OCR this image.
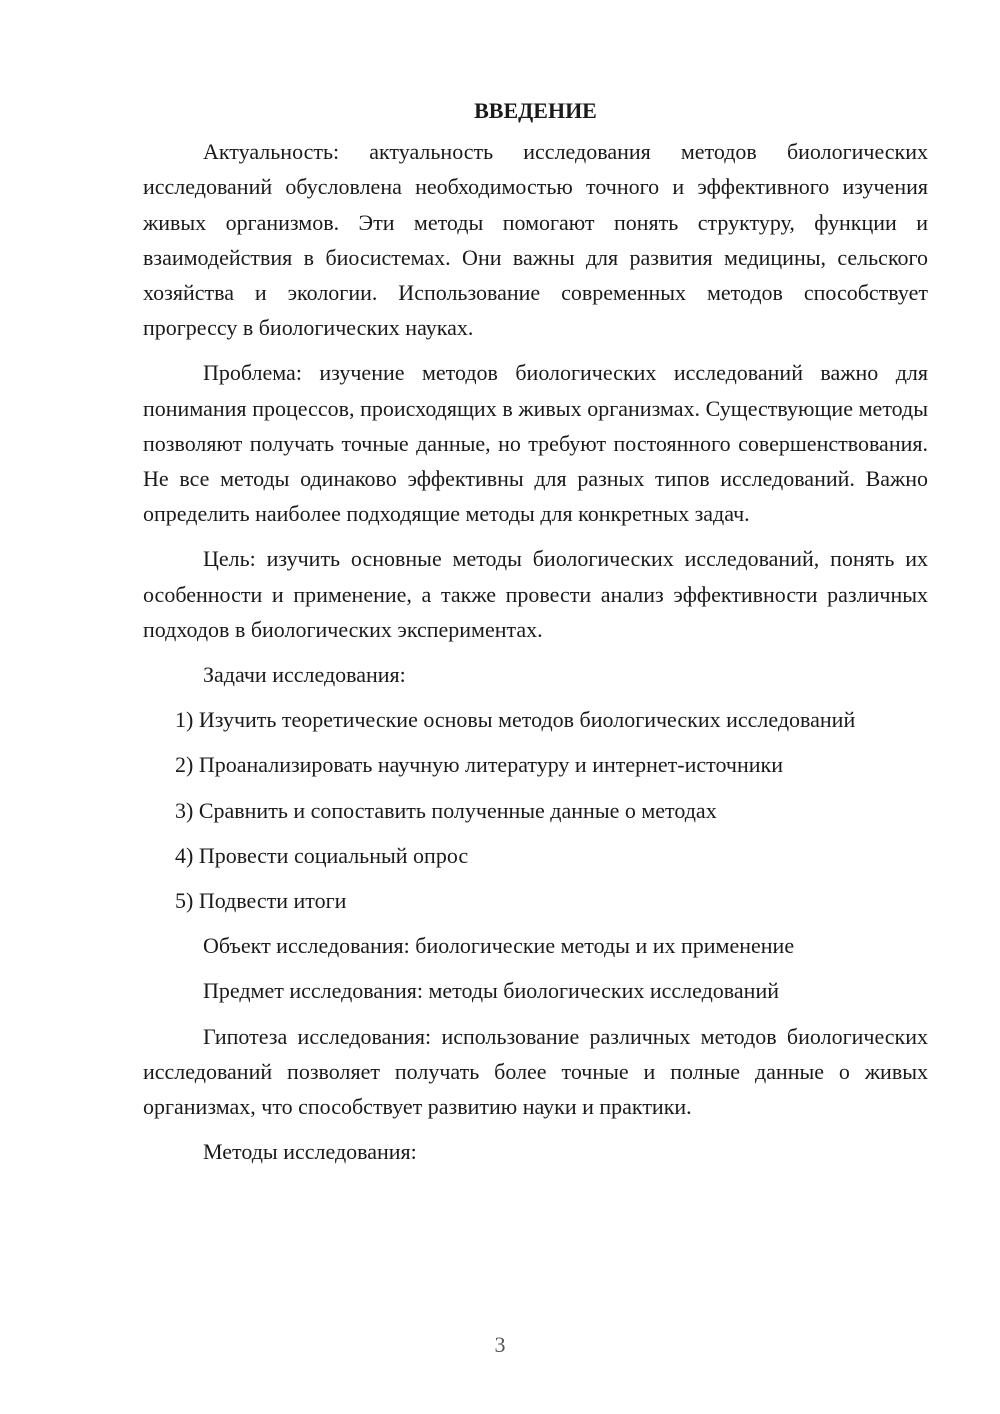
ВВЕДЕНИЕ

Актуальность: актуальность исследования методов биологических исследований обусловлена необходимостью точного и эффективного изучения живых организмов. Эти методы помогают понять структуру, функции и взаимодействия в биосистемах. Они важны для развития медицины, сельского хозяйства и экологии. Использование современных методов способствует прогрессу в биологических науках.

Проблема: изучение методов биологических исследований важно для понимания процессов, происходящих в живых организмах. Существующие методы позволяют получать точные данные, но требуют постоянного совершенствования. Не все методы одинаково эффективны для разных типов исследований. Важно определить наиболее подходящие методы для конкретных задач.

Цель: изучить основные методы биологических исследований, понять их особенности и применение, а также провести анализ эффективности различных подходов в биологических экспериментах.

Задачи исследования:

1) Изучить теоретические основы методов биологических исследований

2) Проанализировать научную литературу и интернет-источники

3) Сравнить и сопоставить полученные данные о методах

4) Провести социальный опрос

5) Подвести итоги

Объект исследования: биологические методы и их применение

Предмет исследования: методы биологических исследований

Гипотеза исследования: использование различных методов биологических исследований позволяет получать более точные и полные данные о живых организмах, что способствует развитию науки и практики.

Методы исследования:

3
